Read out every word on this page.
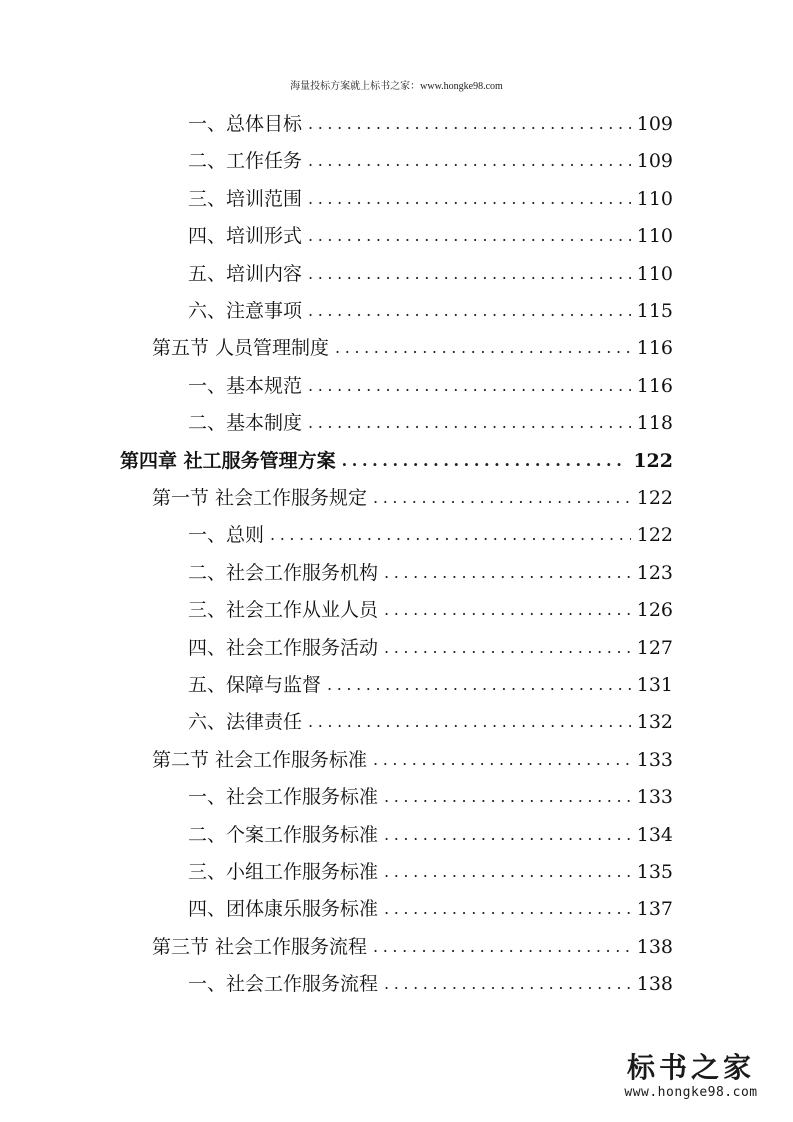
海量投标方案就上标书之家：www.hongke98.com
一、总体目标 .....	109
二、工作任务 .....	109
三、培训范围 .....	110
四、培训形式 .....	110
五、培训内容 .....	110
六、注意事项 .....	115
第五节 人员管理制度 .....	116
一、基本规范 .....	116
二、基本制度 .....	118
第四章 社工服务管理方案 .....	122
第一节 社会工作服务规定 .....	122
一、总则 .....	122
二、社会工作服务机构 .....	123
三、社会工作从业人员 .....	126
四、社会工作服务活动 .....	127
五、保障与监督 .....	131
六、法律责任 .....	132
第二节 社会工作服务标准 .....	133
一、社会工作服务标准 .....	133
二、个案工作服务标准 .....	134
三、小组工作服务标准 .....	135
四、团体康乐服务标准 .....	137
第三节 社会工作服务流程 .....	138
一、社会工作服务流程 .....	138
标书之家
www.hongke98.com
